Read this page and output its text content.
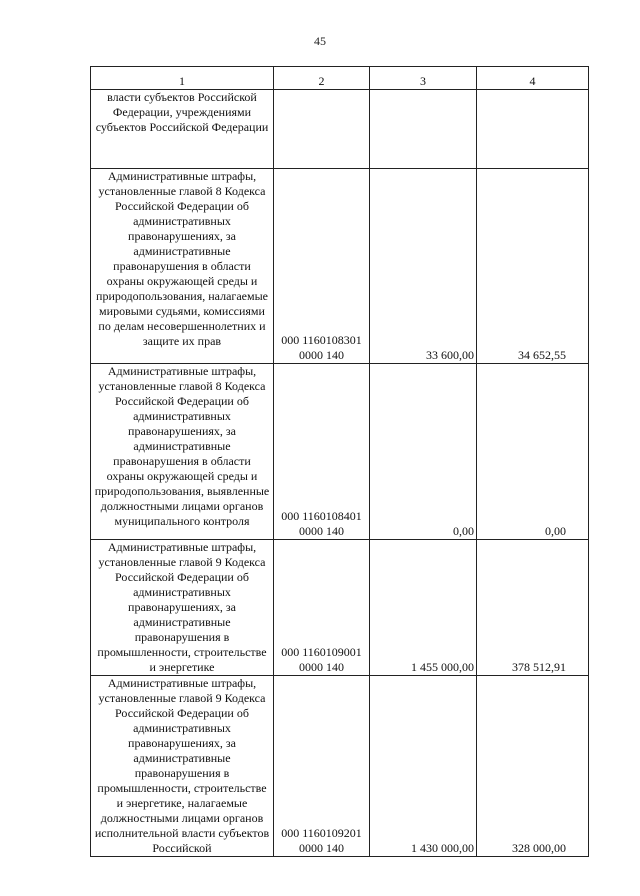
45
1	2	3	4
власти субъектов Российской Федерации, учреждениями субъектов Российской Федерации	

Административные штрафы, установленные главой 8 Кодекса Российской Федерации об административных правонарушениях, за административные правонарушения в области охраны окружающей среды и природопользования, налагаемые мировыми судьями, комиссиями по делам несовершеннолетних и защите их прав	000 1160108301
0000 140	33 600,00	34 652,55
Административные штрафы, установленные главой 8 Кодекса Российской Федерации об административных правонарушениях, за административные правонарушения в области охраны окружающей среды и природопользования, выявленные должностными лицами органов муниципального контроля	000 1160108401
0000 140	0,00	0,00
Административные штрафы, установленные главой 9 Кодекса Российской Федерации об административных правонарушениях, за административные правонарушения в промышленности, строительстве и энергетике	000 1160109001
0000 140	1 455 000,00	378 512,91
Административные штрафы, установленные главой 9 Кодекса Российской Федерации об административных правонарушениях, за административные правонарушения в промышленности, строительстве и энергетике, налагаемые должностными лицами органов исполнительной власти субъектов Российской	000 1160109201
0000 140	1 430 000,00	328 000,00
